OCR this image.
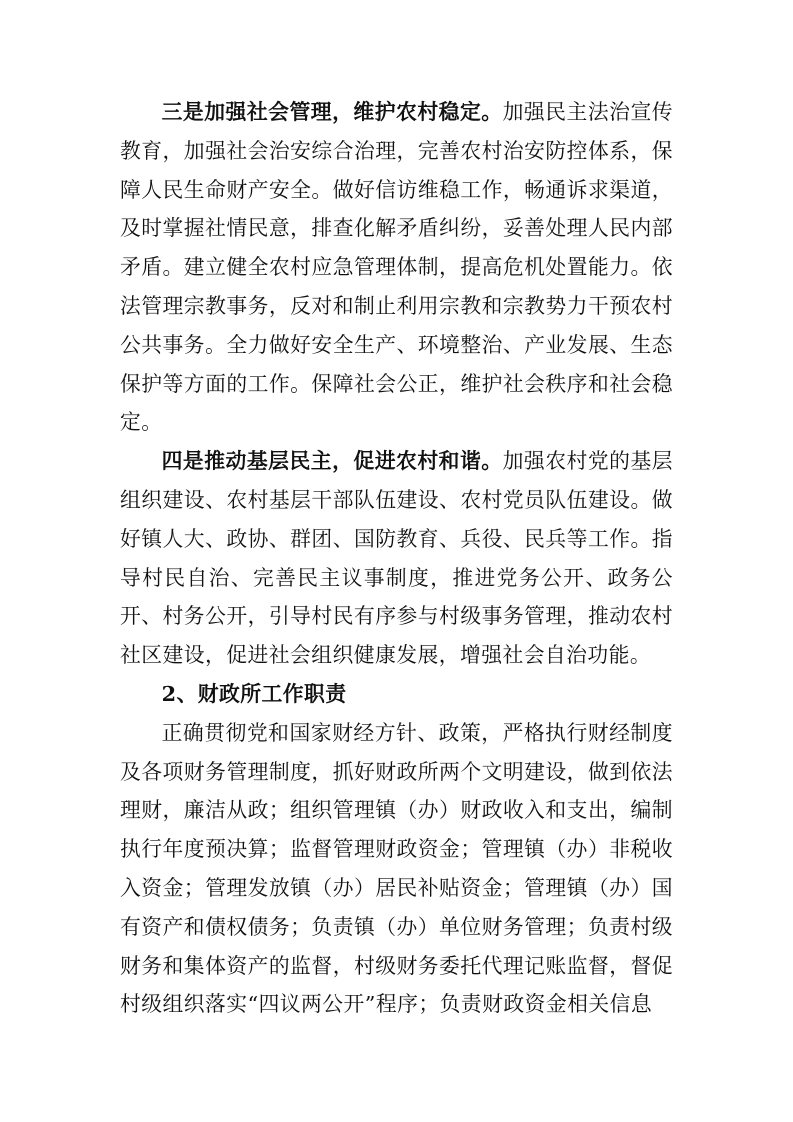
三是加强社会管理，维护农村稳定。加强民主法治宣传教育，加强社会治安综合治理，完善农村治安防控体系，保障人民生命财产安全。做好信访维稳工作，畅通诉求渠道，及时掌握社情民意，排查化解矛盾纠纷，妥善处理人民内部矛盾。建立健全农村应急管理体制，提高危机处置能力。依法管理宗教事务，反对和制止利用宗教和宗教势力干预农村公共事务。全力做好安全生产、环境整治、产业发展、生态保护等方面的工作。保障社会公正，维护社会秩序和社会稳定。

四是推动基层民主，促进农村和谐。加强农村党的基层组织建设、农村基层干部队伍建设、农村党员队伍建设。做好镇人大、政协、群团、国防教育、兵役、民兵等工作。指导村民自治、完善民主议事制度，推进党务公开、政务公开、村务公开，引导村民有序参与村级事务管理，推动农村社区建设，促进社会组织健康发展，增强社会自治功能。

2、财政所工作职责

正确贯彻党和国家财经方针、政策，严格执行财经制度及各项财务管理制度，抓好财政所两个文明建设，做到依法理财，廉洁从政；组织管理镇（办）财政收入和支出，编制执行年度预决算；监督管理财政资金；管理镇（办）非税收入资金；管理发放镇（办）居民补贴资金；管理镇（办）国有资产和债权债务；负责镇（办）单位财务管理；负责村级财务和集体资产的监督，村级财务委托代理记账监督，督促村级组织落实“四议两公开”程序；负责财政资金相关信息
